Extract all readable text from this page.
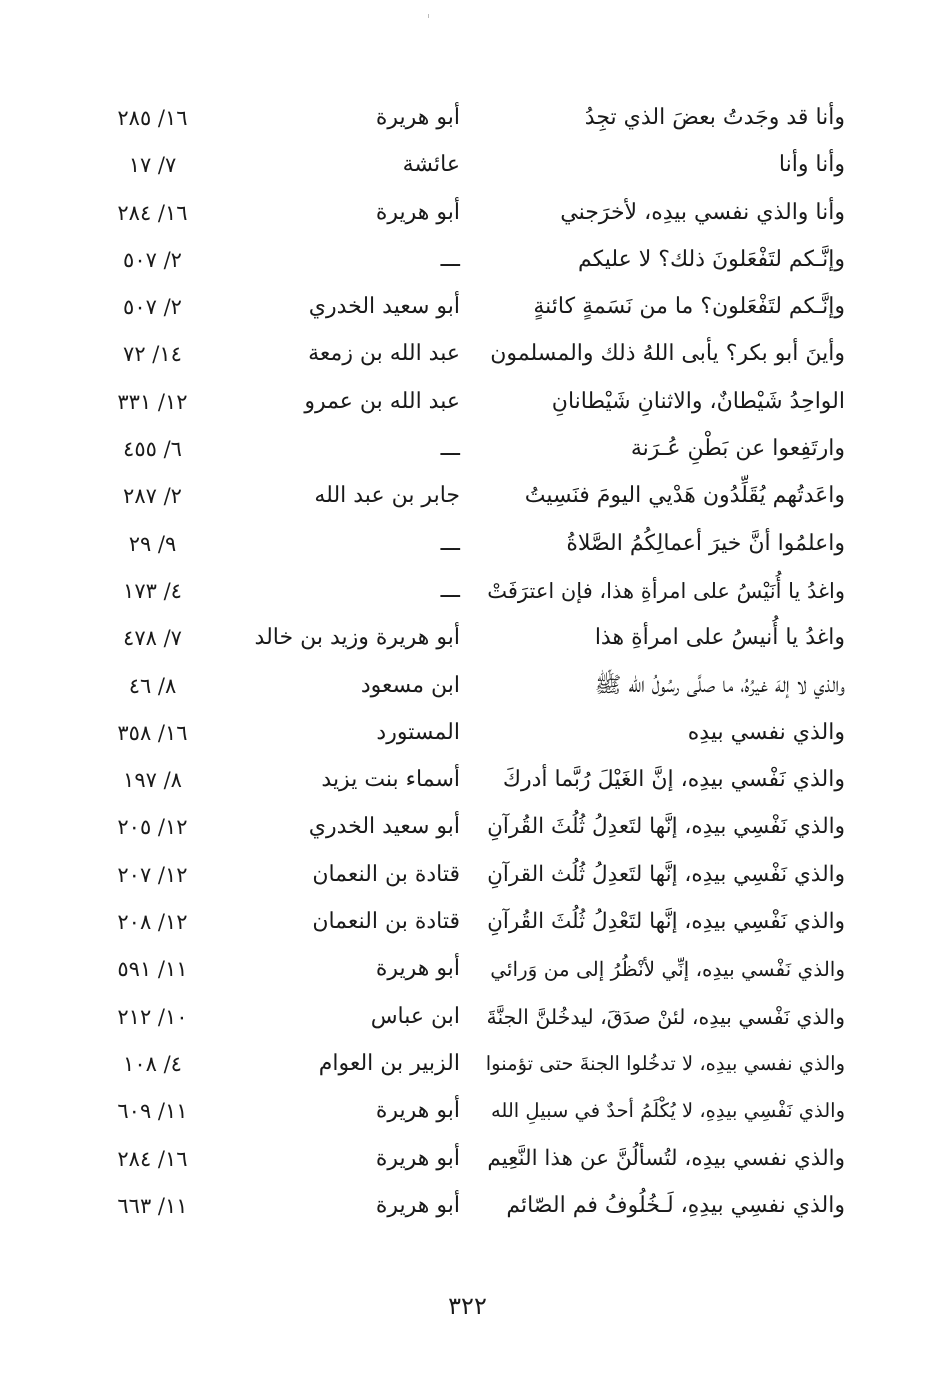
وأنا قد وجَدتُ بعضَ الذي تجِدُ
أبو هريرة
١٦/ ٢٨٥
وأنا وأنا
عائشة
٧/ ١٧
وأنا والذي نفسي بيدِه، لأخرَجني
أبو هريرة
١٦/ ٢٨٤
وإنَّـكم لتَفْعَلونَ ذلك؟ لا عليكم
ـــ
٢/ ٥٠٧
وإنَّـكم لتَفْعَلون؟ ما من نَسَمةٍ كائنةٍ
أبو سعيد الخدري
٢/ ٥٠٧
وأينَ أبو بكر؟ يأبى اللهُ ذلك والمسلمون
عبد الله بن زمعة
١٤/ ٧٢
الواحِدُ شَيْطانٌ، والاثنانِ شَيْطانانِ
عبد الله بن عمرو
١٢/ ٣٣١
وارتَفِعوا عن بَطْنِ عُـرَنة
ـــ
٦/ ٤٥٥
واعَدتُهم يُقَلِّدُون هَدْيي اليومَ فنَسِيتُ
جابر بن عبد الله
٢/ ٢٨٧
واعلمُوا أنَّ خيرَ أعمالِكُمُ الصَّلاةُ
ـــ
٩/ ٢٩
واغدُ يا أُنَيْسُ على امرأةِ هذا، فإن اعترَفَتْ
ـــ
٤/ ١٧٣
واغدُ يا أُنيسُ على امرأةِ هذا
أبو هريرة وزيد بن خالد
٧/ ٤٧٨
والذي لا إلهَ غيرُهُ، ما صلَّى رسُولُ الله ﷺ
ابن مسعود
٨/ ٤٦
والذي نفسي بيدِه
المستورد
١٦/ ٣٥٨
والذي نَفْسي بيدِه، إنَّ الغَيْلَ رُبَّما أدركَ
أسماء بنت يزيد
٨/ ١٩٧
والذي نَفْسِي بيدِه، إنَّها لتَعدِلُ ثُلُثَ القُرآنِ
أبو سعيد الخدري
١٢/ ٢٠٥
والذي نَفْسِي بيدِه، إنَّها لتَعدِلُ ثُلُث القرآنِ
قتادة بن النعمان
١٢/ ٢٠٧
والذي نَفْسِي بيدِه، إنَّها لتَعْدِلُ ثُلُثَ القُرآنِ
قتادة بن النعمان
١٢/ ٢٠٨
والذي نَفْسي بيدِه، إنِّي لأنْظُرُ إلى من وَرائي
أبو هريرة
١١/ ٥٩١
والذي نَفْسي بيدِه، لئنْ صدَقَ، ليدخُلنَّ الجنَّةَ
ابن عباس
١٠/ ٢١٢
والذي نفسي بيدِه، لا تدخُلوا الجنةَ حتى تؤمنوا
الزبير بن العوام
٤/ ١٠٨
والذي نَفْسِي بيدِهِ، لا يُكْلَمُ أحدٌ في سبيلِ الله
أبو هريرة
١١/ ٦٠٩
والذي نفسي بيدِه، لتُسألُنَّ عن هذا النَّعِيم
أبو هريرة
١٦/ ٢٨٤
والذي نفسِي بيدِهِ، لَـخُلُوفُ فم الصّائم
أبو هريرة
١١/ ٦٦٣
٣٢٢
